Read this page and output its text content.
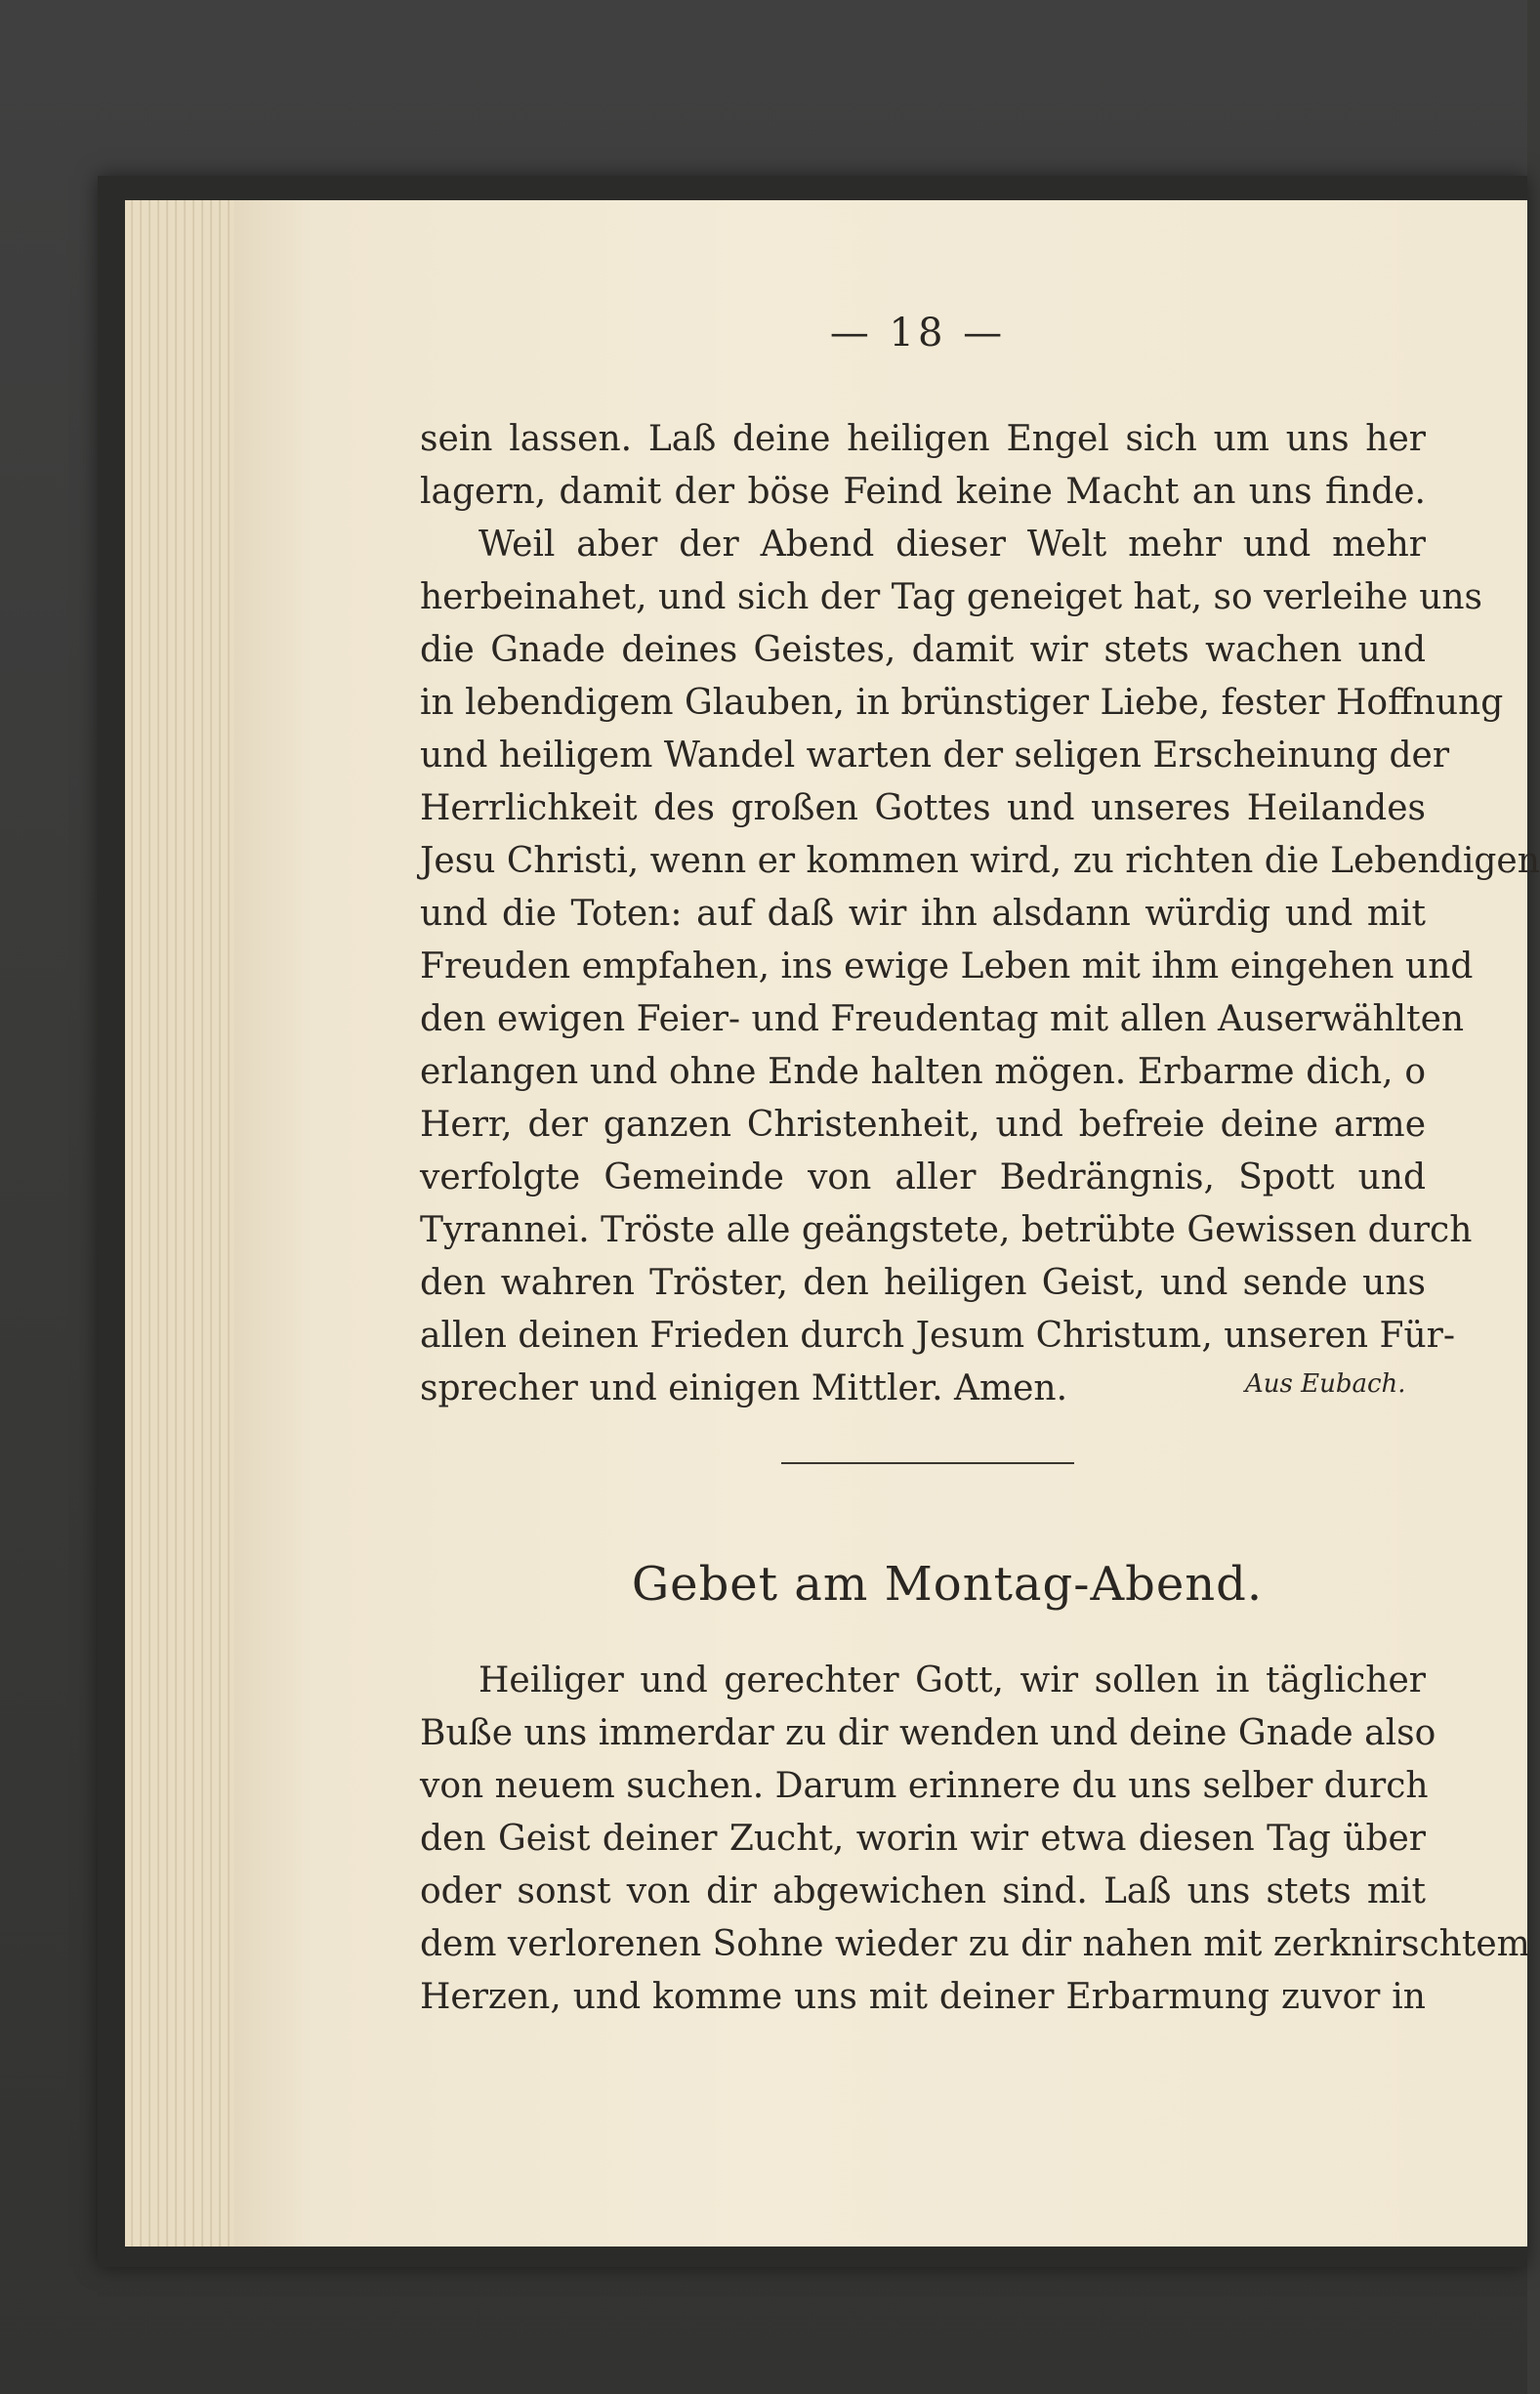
— 18 —
sein lassen. Laß deine heiligen Engel sich um uns her
lagern, damit der böse Feind keine Macht an uns finde.
Weil aber der Abend dieser Welt mehr und mehr
herbeinahet, und sich der Tag geneiget hat, so verleihe uns
die Gnade deines Geistes, damit wir stets wachen und
in lebendigem Glauben, in brünstiger Liebe, fester Hoffnung
und heiligem Wandel warten der seligen Erscheinung der
Herrlichkeit des großen Gottes und unseres Heilandes
Jesu Christi, wenn er kommen wird, zu richten die Lebendigen
und die Toten: auf daß wir ihn alsdann würdig und mit
Freuden empfahen, ins ewige Leben mit ihm eingehen und
den ewigen Feier- und Freudentag mit allen Auserwählten
erlangen und ohne Ende halten mögen. Erbarme dich, o
Herr, der ganzen Christenheit, und befreie deine arme
verfolgte Gemeinde von aller Bedrängnis, Spott und
Tyrannei. Tröste alle geängstete, betrübte Gewissen durch
den wahren Tröster, den heiligen Geist, und sende uns
allen deinen Frieden durch Jesum Christum, unseren Für-
sprecher und einigen Mittler. Amen.	Aus Eubach.
Gebet am Montag-Abend.
Heiliger und gerechter Gott, wir sollen in täglicher
Buße uns immerdar zu dir wenden und deine Gnade also
von neuem suchen. Darum erinnere du uns selber durch
den Geist deiner Zucht, worin wir etwa diesen Tag über
oder sonst von dir abgewichen sind. Laß uns stets mit
dem verlorenen Sohne wieder zu dir nahen mit zerknirschtem
Herzen, und komme uns mit deiner Erbarmung zuvor in
